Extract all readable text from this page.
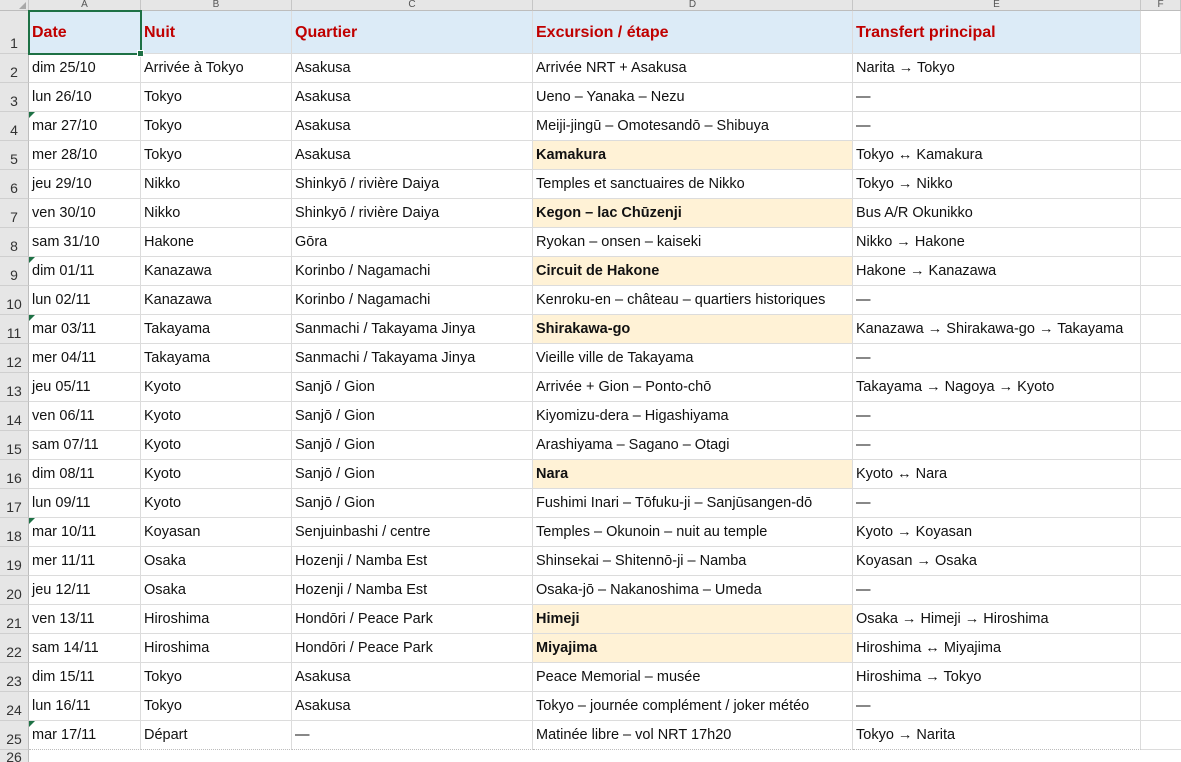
A	B	C	D	E	F
1
Date	Nuit	Quartier	Excursion / étape	Transfert principal
2 dim 25/10	Arrivée à Tokyo	Asakusa	Arrivée NRT + Asakusa	Narita → Tokyo
3 lun 26/10	Tokyo	Asakusa	Ueno – Yanaka – Nezu	—
4 mar 27/10	Tokyo	Asakusa	Meiji-jingū – Omotesandō – Shibuya	—
5 mer 28/10	Tokyo	Asakusa	Kamakura	Tokyo ↔ Kamakura
6 jeu 29/10	Nikko	Shinkyō / rivière Daiya	Temples et sanctuaires de Nikko	Tokyo → Nikko
7 ven 30/10	Nikko	Shinkyō / rivière Daiya	Kegon – lac Chūzenji	Bus A/R Okunikko
8 sam 31/10	Hakone	Gōra	Ryokan – onsen – kaiseki	Nikko → Hakone
9 dim 01/11	Kanazawa	Korinbo / Nagamachi	Circuit de Hakone	Hakone → Kanazawa
10 lun 02/11	Kanazawa	Korinbo / Nagamachi	Kenroku-en – château – quartiers historiques	—
11 mar 03/11	Takayama	Sanmachi / Takayama Jinya	Shirakawa-go	Kanazawa → Shirakawa-go → Takayama
12 mer 04/11	Takayama	Sanmachi / Takayama Jinya	Vieille ville de Takayama	—
13 jeu 05/11	Kyoto	Sanjō / Gion	Arrivée + Gion – Ponto-chō	Takayama → Nagoya → Kyoto
14 ven 06/11	Kyoto	Sanjō / Gion	Kiyomizu-dera – Higashiyama	—
15 sam 07/11	Kyoto	Sanjō / Gion	Arashiyama – Sagano – Otagi	—
16 dim 08/11	Kyoto	Sanjō / Gion	Nara	Kyoto ↔ Nara
17 lun 09/11	Kyoto	Sanjō / Gion	Fushimi Inari – Tōfuku-ji – Sanjūsangen-dō	—
18 mar 10/11	Koyasan	Senjuinbashi / centre	Temples – Okunoin – nuit au temple	Kyoto → Koyasan
19 mer 11/11	Osaka	Hozenji / Namba Est	Shinsekai – Shitennō-ji – Namba	Koyasan → Osaka
20 jeu 12/11	Osaka	Hozenji / Namba Est	Osaka-jō – Nakanoshima – Umeda	—
21 ven 13/11	Hiroshima	Hondōri / Peace Park	Himeji	Osaka → Himeji → Hiroshima
22 sam 14/11	Hiroshima	Hondōri / Peace Park	Miyajima	Hiroshima ↔ Miyajima
23 dim 15/11	Tokyo	Asakusa	Peace Memorial – musée	Hiroshima → Tokyo
24 lun 16/11	Tokyo	Asakusa	Tokyo – journée complément / joker météo	—
25 mar 17/11	Départ	—	Matinée libre – vol NRT 17h20	Tokyo → Narita
26
